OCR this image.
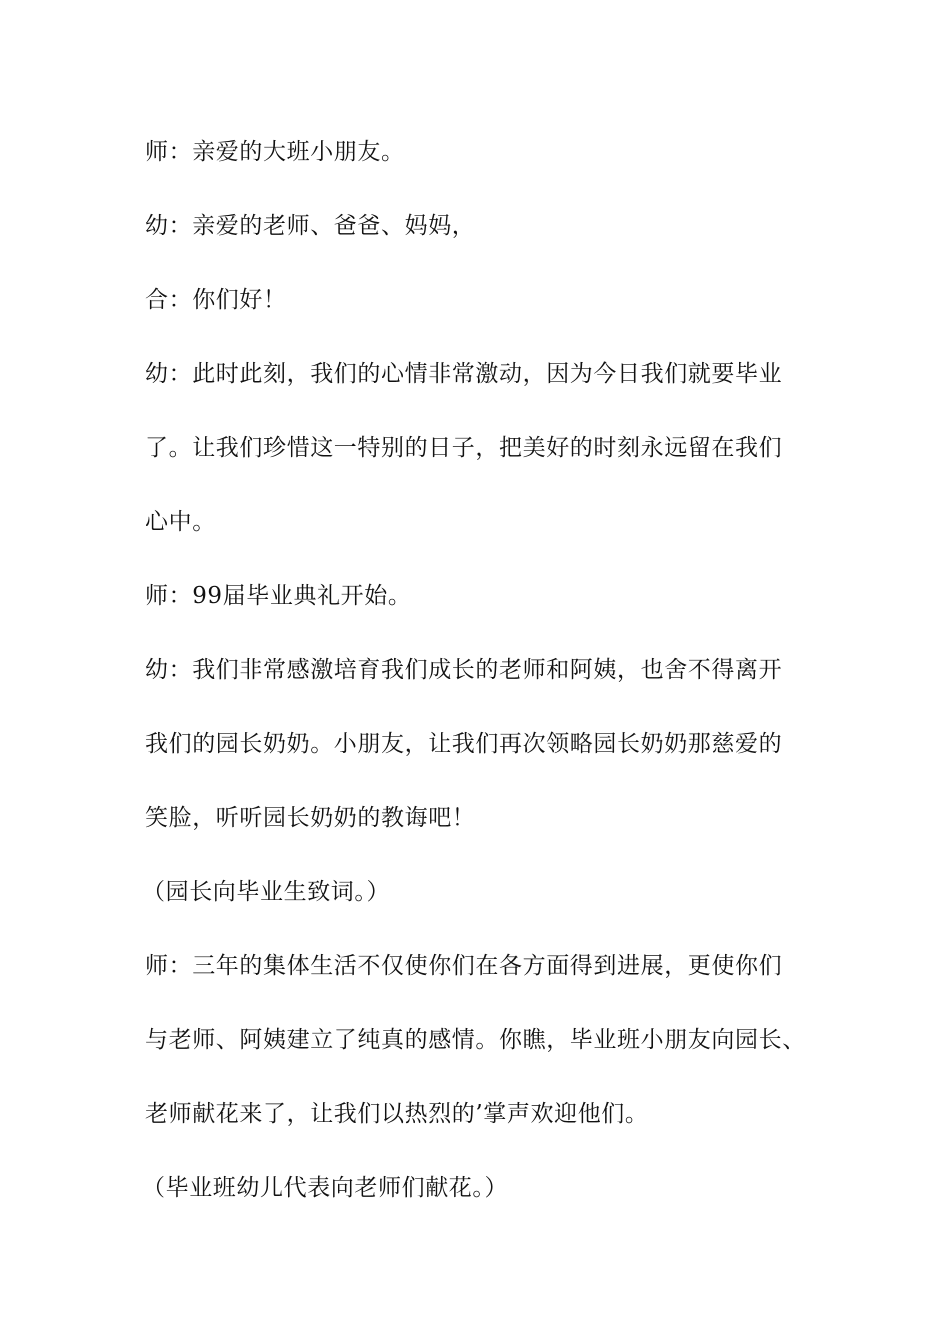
师：亲爱的大班小朋友。
幼：亲爱的老师、爸爸、妈妈，
合：你们好！
幼：此时此刻，我们的心情非常激动，因为今日我们就要毕业
了。让我们珍惜这一特别的日子，把美好的时刻永远留在我们
心中。
师：99届毕业典礼开始。
幼：我们非常感激培育我们成长的老师和阿姨，也舍不得离开
我们的园长奶奶。小朋友，让我们再次领略园长奶奶那慈爱的
笑脸，听听园长奶奶的教诲吧！
（园长向毕业生致词。）
师：三年的集体生活不仅使你们在各方面得到进展，更使你们
与老师、阿姨建立了纯真的感情。你瞧，毕业班小朋友向园长、
老师献花来了，让我们以热烈的’掌声欢迎他们。
（毕业班幼儿代表向老师们献花。）
